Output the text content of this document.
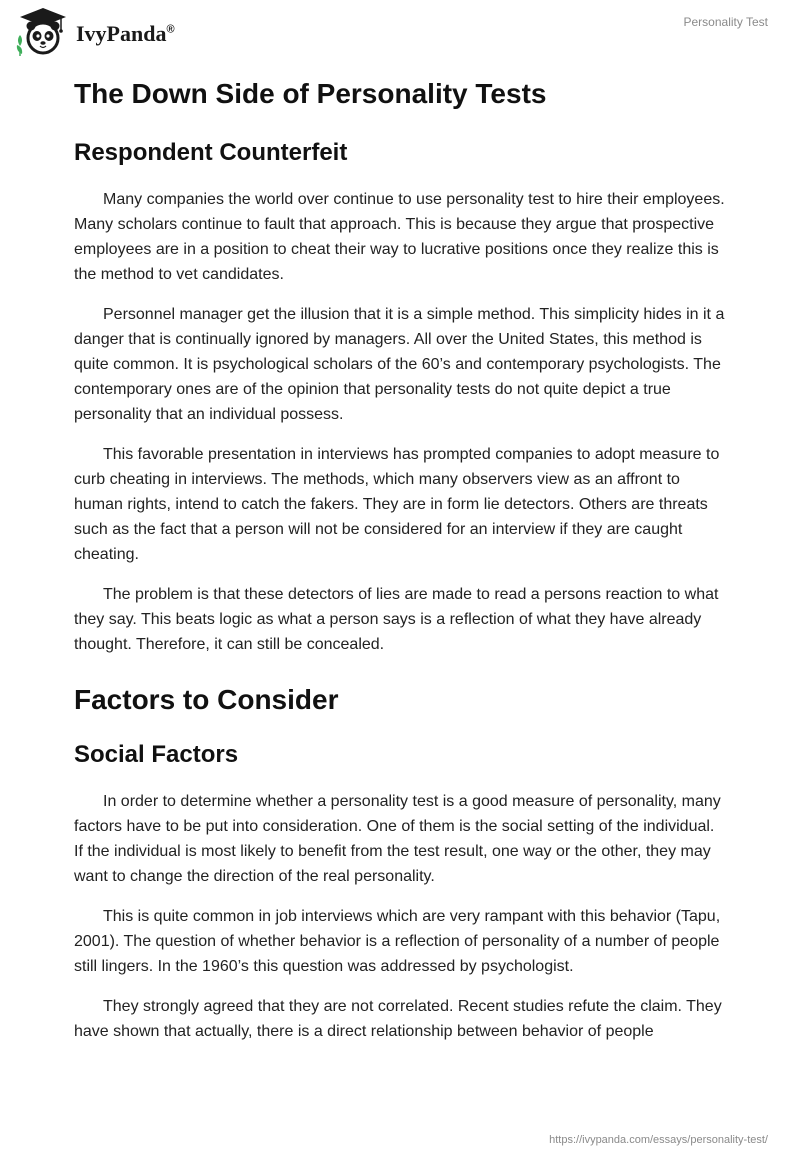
IvyPanda®
Personality Test
The Down Side of Personality Tests
Respondent Counterfeit

Many companies the world over continue to use personality test to hire their employees. Many scholars continue to fault that approach. This is because they argue that prospective employees are in a position to cheat their way to lucrative positions once they realize this is the method to vet candidates.

Personnel manager get the illusion that it is a simple method. This simplicity hides in it a danger that is continually ignored by managers. All over the United States, this method is quite common. It is psychological scholars of the 60’s and contemporary psychologists. The contemporary ones are of the opinion that personality tests do not quite depict a true personality that an individual possess.

This favorable presentation in interviews has prompted companies to adopt measure to curb cheating in interviews. The methods, which many observers view as an affront to human rights, intend to catch the fakers. They are in form lie detectors. Others are threats such as the fact that a person will not be considered for an interview if they are caught cheating.

The problem is that these detectors of lies are made to read a persons reaction to what they say. This beats logic as what a person says is a reflection of what they have already thought. Therefore, it can still be concealed.

Factors to Consider
Social Factors

In order to determine whether a personality test is a good measure of personality, many factors have to be put into consideration. One of them is the social setting of the individual. If the individual is most likely to benefit from the test result, one way or the other, they may want to change the direction of the real personality.

This is quite common in job interviews which are very rampant with this behavior (Tapu, 2001). The question of whether behavior is a reflection of personality of a number of people still lingers. In the 1960’s this question was addressed by psychologist.

They strongly agreed that they are not correlated. Recent studies refute the claim. They have shown that actually, there is a direct relationship between behavior of people

https://ivypanda.com/essays/personality-test/
